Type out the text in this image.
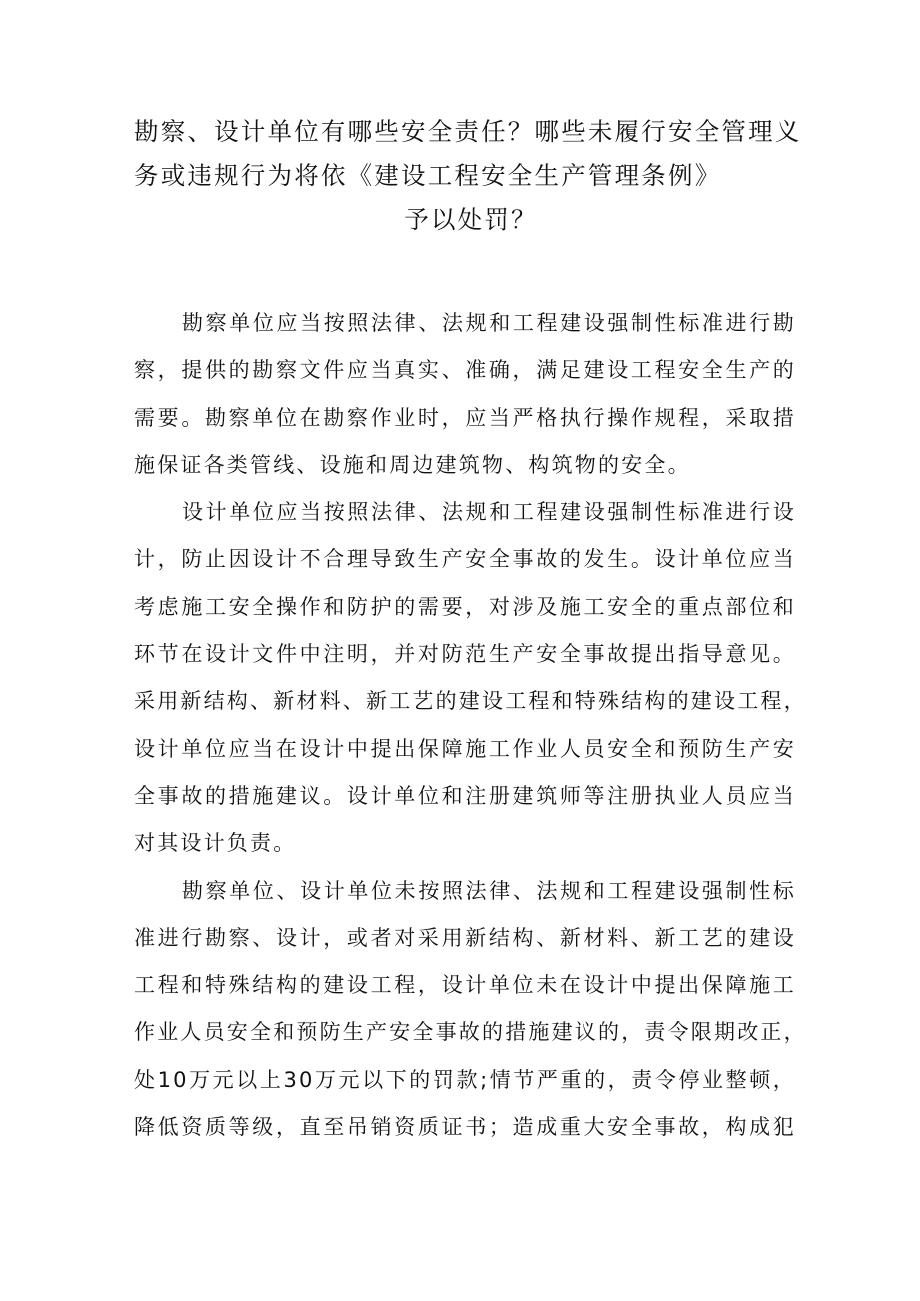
勘察、设计单位有哪些安全责任？哪些未履行安全管理义
务或违规行为将依《建设工程安全生产管理条例》
予以处罚？
勘察单位应当按照法律、法规和工程建设强制性标准进行勘
察，提供的勘察文件应当真实、准确，满足建设工程安全生产的
需要。勘察单位在勘察作业时，应当严格执行操作规程，采取措
施保证各类管线、设施和周边建筑物、构筑物的安全。
设计单位应当按照法律、法规和工程建设强制性标准进行设
计，防止因设计不合理导致生产安全事故的发生。设计单位应当
考虑施工安全操作和防护的需要，对涉及施工安全的重点部位和
环节在设计文件中注明，并对防范生产安全事故提出指导意见。
采用新结构、新材料、新工艺的建设工程和特殊结构的建设工程，
设计单位应当在设计中提出保障施工作业人员安全和预防生产安
全事故的措施建议。设计单位和注册建筑师等注册执业人员应当
对其设计负责。
勘察单位、设计单位未按照法律、法规和工程建设强制性标
准进行勘察、设计，或者对采用新结构、新材料、新工艺的建设
工程和特殊结构的建设工程，设计单位未在设计中提出保障施工
作业人员安全和预防生产安全事故的措施建议的，责令限期改正，
处10万元以上30万元以下的罚款;情节严重的，责令停业整顿，
降低资质等级，直至吊销资质证书；造成重大安全事故，构成犯
